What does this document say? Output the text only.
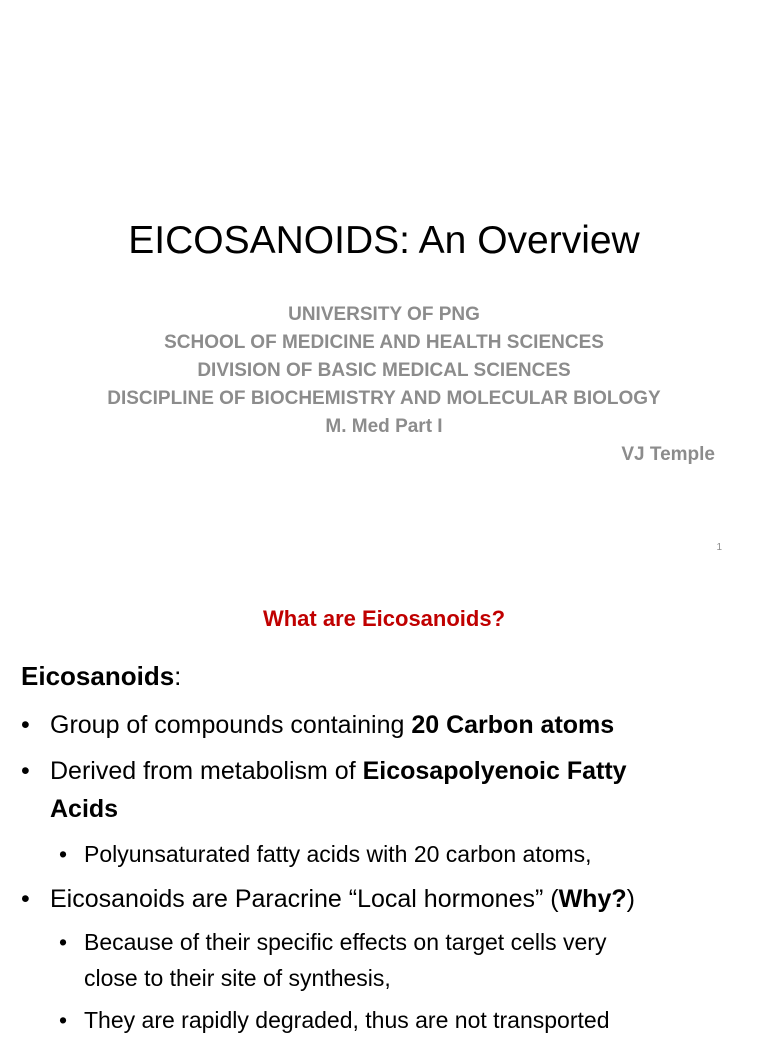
EICOSANOIDS: An Overview
UNIVERSITY OF PNG
SCHOOL OF MEDICINE AND HEALTH SCIENCES
DIVISION OF BASIC MEDICAL SCIENCES
DISCIPLINE OF BIOCHEMISTRY AND MOLECULAR BIOLOGY
M. Med Part I
VJ Temple
1
What are Eicosanoids?
Eicosanoids:
• Group of compounds containing 20 Carbon atoms
• Derived from metabolism of Eicosapolyenoic Fatty
Acids
• Polyunsaturated fatty acids with 20 carbon atoms,
• Eicosanoids are Paracrine “Local hormones” (Why?)
• Because of their specific effects on target cells very
close to their site of synthesis,
• They are rapidly degraded, thus are not transported
